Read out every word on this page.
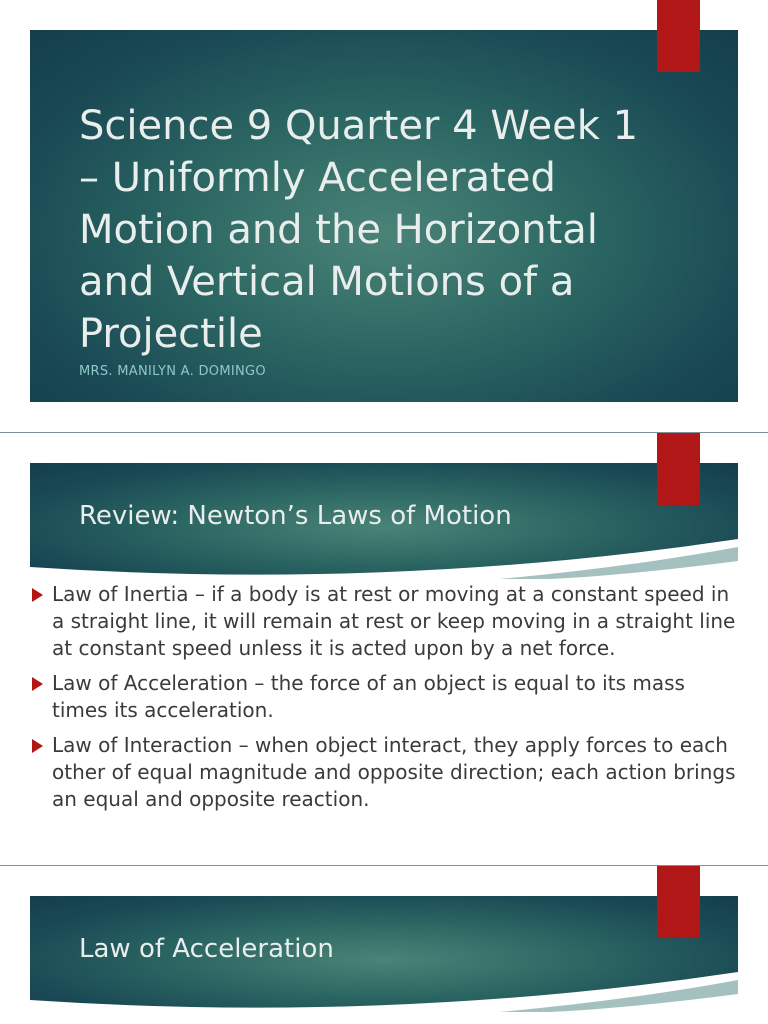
Science 9 Quarter 4 Week 1 – Uniformly Accelerated Motion and the Horizontal and Vertical Motions of a Projectile

MRS. MANILYN A. DOMINGO

Review: Newton’s Laws of Motion
Law of Inertia – if a body is at rest or moving at a constant speed in a straight line, it will remain at rest or keep moving in a straight line at constant speed unless it is acted upon by a net force.
Law of Acceleration – the force of an object is equal to its mass times its acceleration.
Law of Interaction – when object interact, they apply forces to each other of equal magnitude and opposite direction; each action brings an equal and opposite reaction.
Law of Acceleration
